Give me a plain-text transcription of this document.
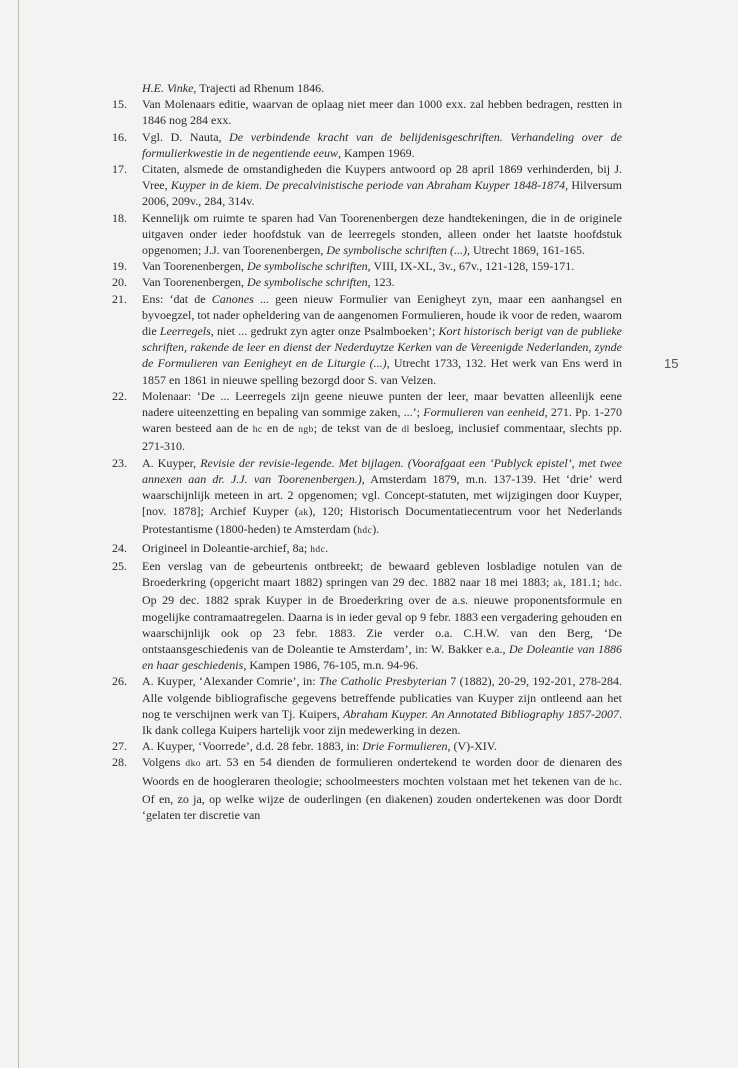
15

H.E. Vinke, Trajecti ad Rhenum 1846.

15.	Van Molenaars editie, waarvan de oplaag niet meer dan 1000 exx. zal hebben bedragen, restten in 1846 nog 284 exx.

16.	Vgl. D. Nauta, De verbindende kracht van de belijdenisgeschriften. Verhandeling over de formulierkwestie in de negentiende eeuw, Kampen 1969.

17.	Citaten, alsmede de omstandigheden die Kuypers antwoord op 28 april 1869 verhinderden, bij J. Vree, Kuyper in de kiem. De precalvinistische periode van Abraham Kuyper 1848-1874, Hilversum 2006, 209v., 284, 314v.

18.	Kennelijk om ruimte te sparen had Van Toorenenbergen deze handtekeningen, die in de originele uitgaven onder ieder hoofdstuk van de leerregels stonden, alleen onder het laatste hoofdstuk opgenomen; J.J. van Toorenenbergen, De symbolische schriften (...), Utrecht 1869, 161-165.

19.	Van Toorenenbergen, De symbolische schriften, VIII, IX-XL, 3v., 67v., 121-128, 159-171.

20.	Van Toorenenbergen, De symbolische schriften, 123.

21.	Ens: ‘dat de Canones ... geen nieuw Formulier van Eenigheyt zyn, maar een aanhangsel en byvoegzel, tot nader opheldering van de aangenomen Formulieren, houde ik voor de reden, waarom die Leerregels, niet ... gedrukt zyn agter onze Psalmboeken’; Kort historisch berigt van de publieke schriften, rakende de leer en dienst der Nederduytze Kerken van de Vereenigde Nederlanden, zynde de Formulieren van Eenigheyt en de Liturgie (...), Utrecht 1733, 132. Het werk van Ens werd in 1857 en 1861 in nieuwe spelling bezorgd door S. van Velzen.

22.	Molenaar: ‘De ... Leerregels zijn geene nieuwe punten der leer, maar bevatten alleenlijk eene nadere uiteenzetting en bepaling van sommige zaken, ...’; Formulieren van eenheid, 271. Pp. 1-270 waren besteed aan de hc en de ngb; de tekst van de dl besloeg, inclusief commentaar, slechts pp. 271-310.

23.	A. Kuyper, Revisie der revisie-legende. Met bijlagen. (Voorafgaat een ‘Publyck epistel’, met twee annexen aan dr. J.J. van Toorenenbergen.), Amsterdam 1879, m.n. 137-139. Het ‘drie’ werd waarschijnlijk meteen in art. 2 opgenomen; vgl. Concept-statuten, met wijzigingen door Kuyper, [nov. 1878]; Archief Kuyper (ak), 120; Historisch Documentatiecentrum voor het Nederlands Protestantisme (1800-heden) te Amsterdam (hdc).

24.	Origineel in Doleantie-archief, 8a; hdc.

25.	Een verslag van de gebeurtenis ontbreekt; de bewaard gebleven losbladige notulen van de Broederkring (opgericht maart 1882) springen van 29 dec. 1882 naar 18 mei 1883; ak, 181.1; hdc. Op 29 dec. 1882 sprak Kuyper in de Broederkring over de a.s. nieuwe proponentsformule en mogelijke contramaatregelen. Daarna is in ieder geval op 9 febr. 1883 een vergadering gehouden en waarschijnlijk ook op 23 febr. 1883. Zie verder o.a. C.H.W. van den Berg, ‘De ontstaansgeschiedenis van de Doleantie te Amsterdam’, in: W. Bakker e.a., De Doleantie van 1886 en haar geschiedenis, Kampen 1986, 76-105, m.n. 94-96.

26.	A. Kuyper, ‘Alexander Comrie’, in: The Catholic Presbyterian 7 (1882), 20-29, 192-201, 278-284. Alle volgende bibliografische gegevens betreffende publicaties van Kuyper zijn ontleend aan het nog te verschijnen werk van Tj. Kuipers, Abraham Kuyper. An Annotated Bibliography 1857-2007. Ik dank collega Kuipers hartelijk voor zijn medewerking in dezen.

27.	A. Kuyper, ‘Voorrede’, d.d. 28 febr. 1883, in: Drie Formulieren, (V)-XIV.

28.	Volgens dko art. 53 en 54 dienden de formulieren ondertekend te worden door de dienaren des Woords en de hoogleraren theologie; schoolmeesters mochten volstaan met het tekenen van de hc. Of en, zo ja, op welke wijze de ouderlingen (en diakenen) zouden ondertekenen was door Dordt ‘gelaten ter discretie van
